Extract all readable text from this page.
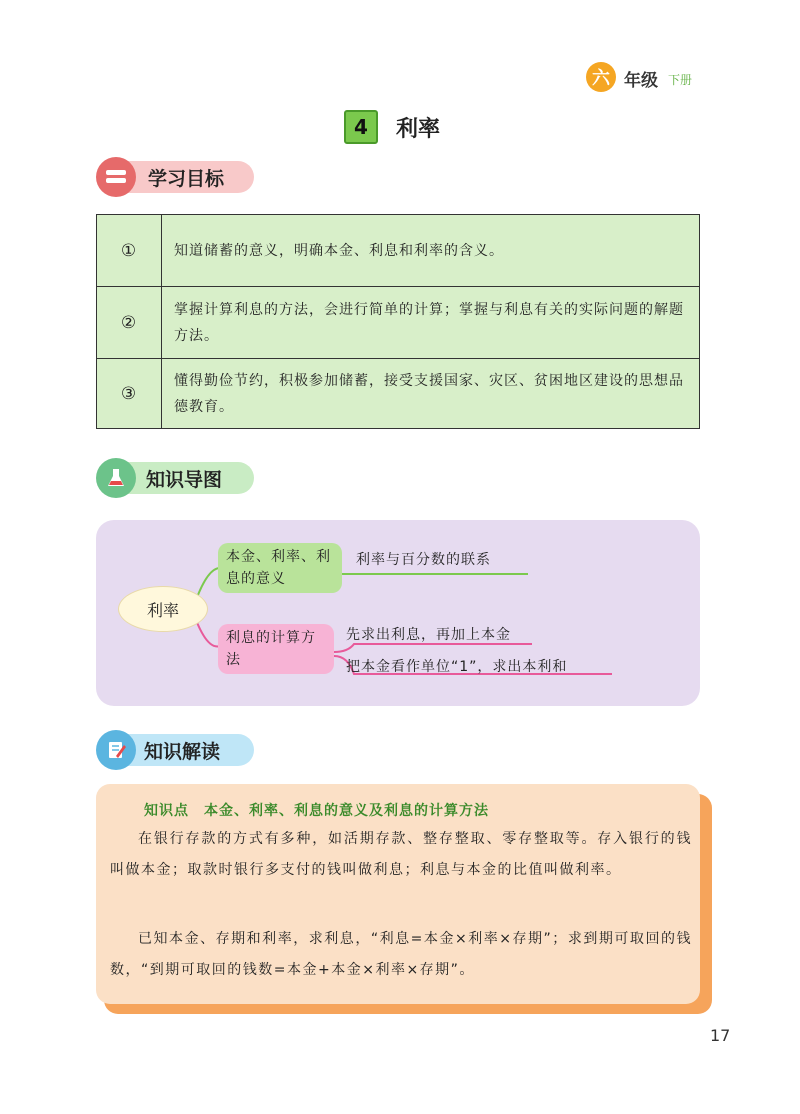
六 年级 下册
4	利率
学习目标
①	知道储蓄的意义，明确本金、利息和利率的含义。
②	掌握计算利息的方法，会进行简单的计算；掌握与利息有关的实际问题的解题方法。
③	懂得勤俭节约，积极参加储蓄，接受支援国家、灾区、贫困地区建设的思想品德教育。
知识导图
利率
本金、利率、利息的意义
利息的计算方法
利率与百分数的联系
先求出利息，再加上本金
把本金看作单位“1”，求出本利和
知识解读
知识点　本金、利率、利息的意义及利息的计算方法
在银行存款的方式有多种，如活期存款、整存整取、零存整取等。存入银行的钱叫做本金；取款时银行多支付的钱叫做利息；利息与本金的比值叫做利率。
已知本金、存期和利率，求利息，“利息=本金×利率×存期”；求到期可取回的钱数，“到期可取回的钱数=本金+本金×利率×存期”。
17
